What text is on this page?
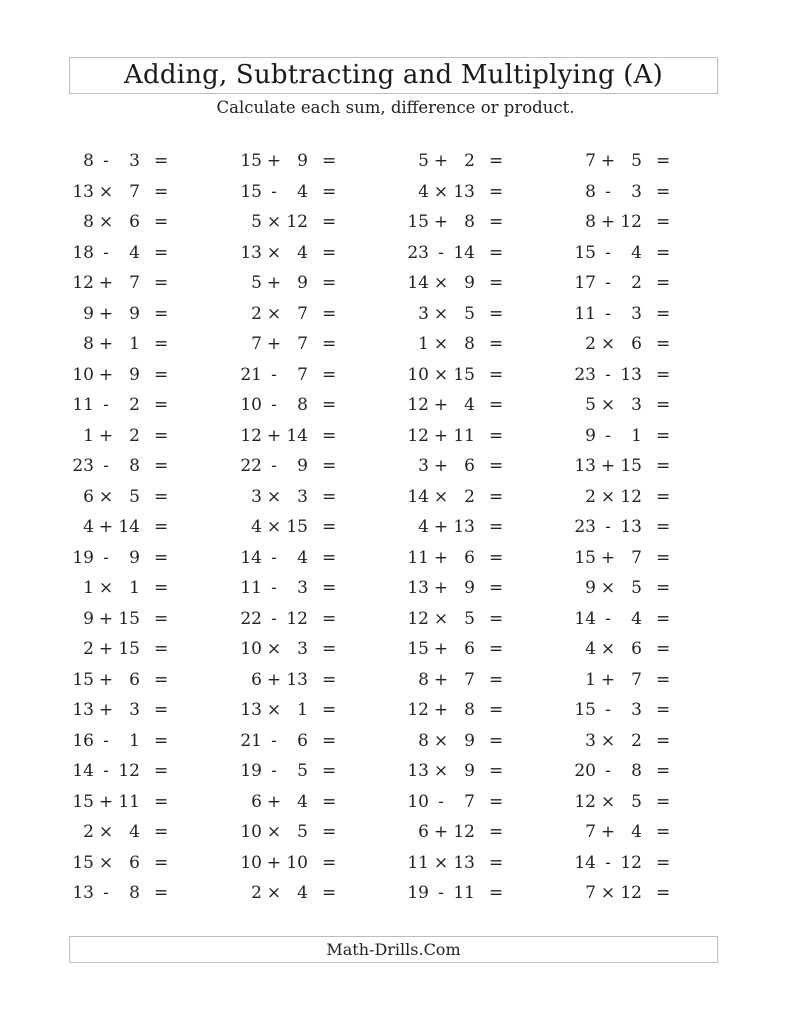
Adding, Subtracting and Multiplying (A)
Calculate each sum, difference or product.
8 -	3 =	15 + 9 =	5 + 2 =	7 + 5 =
13 × 7 =	15 -	4 =	4 × 13 =	8 -	3 =
8 × 6 =	5 × 12 =	15 + 8 =	8 + 12 =
18 -	4 =	13 × 4 =	23 - 14 =	15 -	4 =
12 + 7 =	5 + 9 =	14 × 9 =	17 -	2 =
9 + 9 =	2 × 7 =	3 × 5 =	11 -	3 =
8 + 1 =	7 + 7 =	1 × 8 =	2 × 6 =
10 + 9 =	21 -	7 =	10 × 15 =	23 - 13 =
11 -	2 =	10 -	8 =	12 + 4 =	5 × 3 =
1 + 2 =	12 + 14 =	12 + 11 =	9 -	1 =
23 -	8 =	22 -	9 =	3 + 6 =	13 + 15 =
6 × 5 =	3 × 3 =	14 × 2 =	2 × 12 =
4 + 14 =	4 × 15 =	4 + 13 =	23 - 13 =
19 -	9 =	14 -	4 =	11 + 6 =	15 + 7 =
1 × 1 =	11 -	3 =	13 + 9 =	9 × 5 =
9 + 15 =	22 - 12 =	12 × 5 =	14 -	4 =
2 + 15 =	10 × 3 =	15 + 6 =	4 × 6 =
15 + 6 =	6 + 13 =	8 + 7 =	1 + 7 =
13 + 3 =	13 × 1 =	12 + 8 =	15 -	3 =
16 -	1 =	21 -	6 =	8 × 9 =	3 × 2 =
14 - 12 =	19 -	5 =	13 × 9 =	20 -	8 =
15 + 11 =	6 + 4 =	10 -	7 =	12 × 5 =
2 × 4 =	10 × 5 =	6 + 12 =	7 + 4 =
15 × 6 =	10 + 10 =	11 × 13 =	14 - 12 =
13 -	8 =	2 × 4 =	19 - 11 =	7 × 12 =
Math-Drills.Com
